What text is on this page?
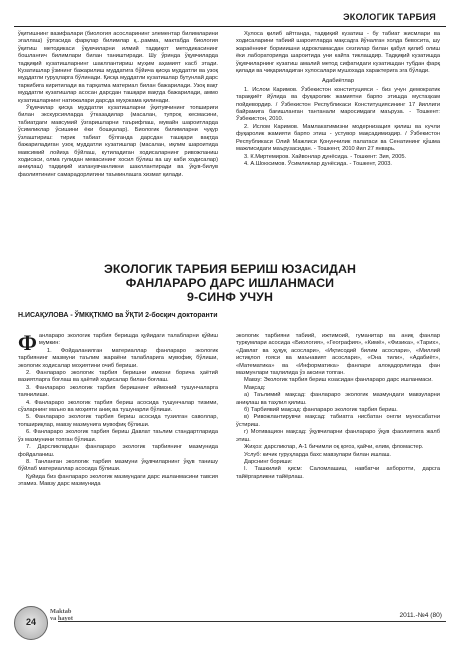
ЭКОЛОГИК ТАРБИЯ

ўқитишнинг вазифалари (биология асосларининг элементар билимларини эгаллаш) ўртасида фарқлар билимлар қ...рамма, мактабда биология ўқитиш методикаси ўқувчиларни илмий тадқиқот методикасининг бошланғич билимлари билан таништиради. Шу ўринда ўқувчиларда тадқиқий кузатишларнинг шакллантириш муҳим аҳамият касб этади. Кузатишлар ўзининг бажарилиш муддатига бўйича қисқа муддатли ва узоқ муддатли гуруҳларга бўлинади. Қисқа муддатли кузатишлар бутунлай дарс таркибига киритилади ва тарқатма материал билан бажарилади. Узоқ вақт муддатли кузатишлар асосан дарсдан ташқари вақтда бажарилади, аммо кузатишларнинг натижалари дарсда муҳокама қилинади.

Ўқувчилар қисқа муддатли кузатишларни ўқитувчининг топшириғи билан экскурсияларда ўтказадилар (масалан, тупроқ кесмасини, табиатдаги мавсумий ўзгаришларни таърифлаш, мувайн шароитларда ўсимликлар ўсишини ёки бошқалар). Биологик билимларни чуқур ўзлаштириш: тирик табиат бўлганда дарсдан ташқари вақтда бажариладиган узоқ муддатли кузатишлар (масалан, иқлим шароитида мавсимий лойиҳа бўйлаш, кутиладиган ходисаларнинг ривожланиш ходисаси, олма гулидан мевасининг хосил бўлиш ва шу каби ходисалар) аниқлаш) тадқиқий изланувчанликни шакллантиради ва ўқув-билув фаолиятининг самарадорлигини таъминлашга хизмат қилади.

Хулоса қилиб айтганда, тадқиқий кузатиш - бу табиат жисмлари ва ходисаларини табиий шароитларда мақсадга йўналган холда бевосита, шу жараённинг борииишни идрокламасдан сезгилар билан қабул қилиб олиш ёки лабораторияда шароитида уни кайта тиклашдир. Тадқиқий кузатишда ўқувчиларнинг кузатиш амалий метод сифатидаги кузатишдан тубдан фарқ қилади ва чиқариладиган хулосалари мушохада характерига эга бўлади.

Адабиётлар

1. Ислом Каримов. Ўзбекистон конституцияси - биз учун демократик тараққиёт йўлида ва фуқаролик жамиятни барпо этишда мустаҳкам пойдевордир. / Ўзбекистон Республикаси Конституциясининг 17 йиллиги байрамига бағишланган тантанали маросимдаги маъруза. - Тошкент: Ўзбекистон, 2010.

2. Ислом Каримов. Мамлакатимизни модернизация қилиш ва кучли фуқаролик жамияти барпо этиш - устувор мақсадимиздир. / Ўзбекистон Республикаси Олий Мажлиси Қонунчилик палатаси ва Сенатининг қўшма мажлисидаги маърузасидан. - Тошкент, 2010 йил 27 январь.

3. К.Миртемиров. Хайвонлар дунёсида. - Тошкент: Зия, 2005.

4. А.Шоюсимов. Ўсимликлар дунёсида. - Тошкент, 2003.

ЭКОЛОГИК ТАРБИЯ БЕРИШ ЮЗАСИДАН
ФАНЛАРАРО ДАРС ИШЛАНМАСИ
9-СИНФ УЧУН
Н.ИСАҚУЛОВА - ЎМКҚТКМО ва ЎҚТИ 2-босқич докторанти

Фанлараро экологик тарбия беришда қуйидаги талабларни қўйиш мумкин:

1. Фойдаланилган материаллар фанлараро экологик тарбиянинг мазмуни таълим жараёни талабларига мувофиқ бўлиши, экологик ходисалар моҳиятини очиб бериши.

2. Фанлараро экологик тарбия беришни имкони борича ҳаётий вазиятларга боғлаш ва ҳаётий ходисалар билан боғлаш.

3. Фанлараро экологик тарбия беришнинг иймоний тушунчаларга таянилиши.

4. Фанлараро экологик тарбия бериш асосида тушунчалар тизими, сўзларнинг маъно ва моҳияти аниқ ва тушунарли бўлиши.

5. Фанлараро экологик тарбия бериш асосида тузилган саволлар, топшириқлар, мавзу мазмунига мувофиқ бўлиши.

6. Фанлараро экологик тарбия бериш Давлат таълим стандартларида ўз мазмунини топган бўлиши.

7. Дарсликлардан фанлараро экологик тарбиянинг мазмунида фойдаланиш.

8. Танланган экологик тарбия мазмуни ўқувчиларнинг ўқув танишу бўйлаб материаллар асосида бўлиши.

Қуйида биз фанлараро экологик мазмундаги дарс ишланмасини тавсия этамиз. Мавзу дарс мазмунида

экологик тарбияни табиий, ижтимоий, гуманитар ва аниқ фанлар туркумлари асосида «Биология», «География», «Кимё», «Физика», «Тарих», «Давлат ва ҳуқуқ асослари», «Иқтисодий билим асослари», «Миллий истиқлол ғояси ва маънавият асослари», «Она тили», «Адабиёт», «Математика» ва «Информатика» фанлари алоқадорлигида фан мазмунлари таҳлилида ўз аксини топган.

Мавзу: Экологик тарбия бериш юзасидан фанлараро дарс ишланмаси.

Мақсад:

а) Таълимий мақсад: фанлараро экологик мазмундаги мавзуларни аниқлаш ва таҳлил қилиш.

б) Тарбиявий мақсад: фанлараро экологик тарбия бериш.

в) Ривожлантирувчи мақсад: табиатга нисбатан онгли муносабатни ўстириш.

г) Мотивацион мақсад: ўқувчиларни фанлараро ўқув фаолиятига жалб этиш.

Жиҳоз: дарсликлар, А-1 бичимли оқ қоғоз, қайчи, елим, фломастер.

Услуб: кичик гуруҳларда бахс мавзулари билан ишлаш.

Дарснинг бориши:

I. Ташкилий қисм: Саломлашиш, навбатчи ахборотти, дарсга тайёргарликни тайёрлаш.

24
Maktab
va hayot	2011.-№4 (80)
